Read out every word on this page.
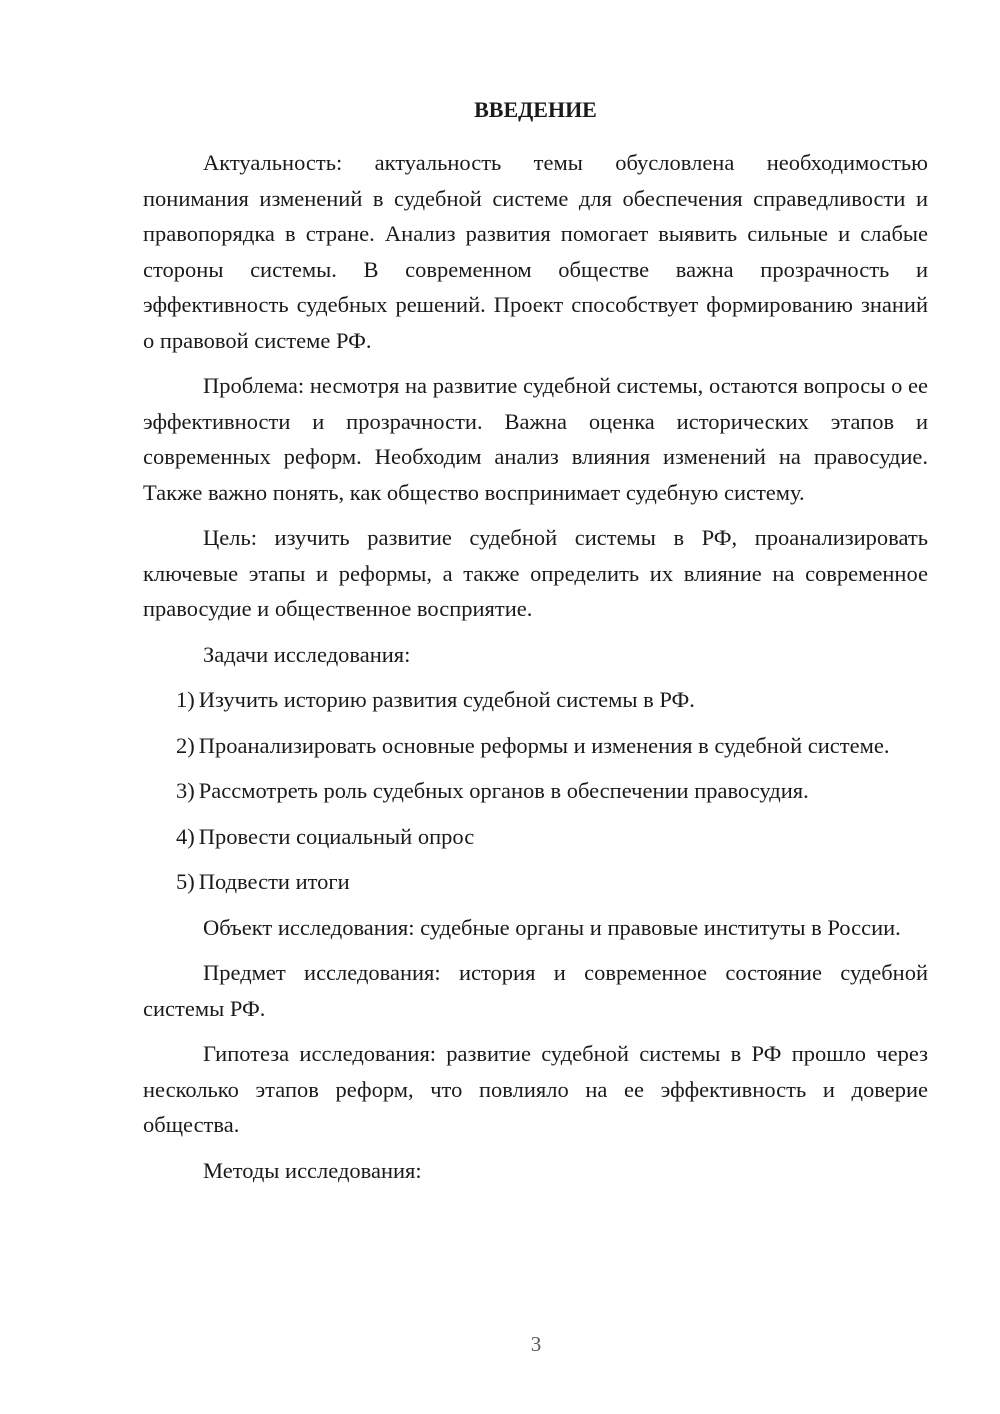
ВВЕДЕНИЕ

Актуальность: актуальность темы обусловлена необходимостью понимания изменений в судебной системе для обеспечения справедливости и правопорядка в стране. Анализ развития помогает выявить сильные и слабые стороны системы. В современном обществе важна прозрачность и эффективность судебных решений. Проект способствует формированию знаний о правовой системе РФ.

Проблема: несмотря на развитие судебной системы, остаются вопросы о ее эффективности и прозрачности. Важна оценка исторических этапов и современных реформ. Необходим анализ влияния изменений на правосудие. Также важно понять, как общество воспринимает судебную систему.

Цель: изучить развитие судебной системы в РФ, проанализировать ключевые этапы и реформы, а также определить их влияние на современное правосудие и общественное восприятие.

Задачи исследования:

1) Изучить историю развития судебной системы в РФ.

2) Проанализировать основные реформы и изменения в судебной системе.

3) Рассмотреть роль судебных органов в обеспечении правосудия.

4) Провести социальный опрос

5) Подвести итоги

Объект исследования: судебные органы и правовые институты в России.

Предмет исследования: история и современное состояние судебной системы РФ.

Гипотеза исследования: развитие судебной системы в РФ прошло через несколько этапов реформ, что повлияло на ее эффективность и доверие общества.

Методы исследования:

3
